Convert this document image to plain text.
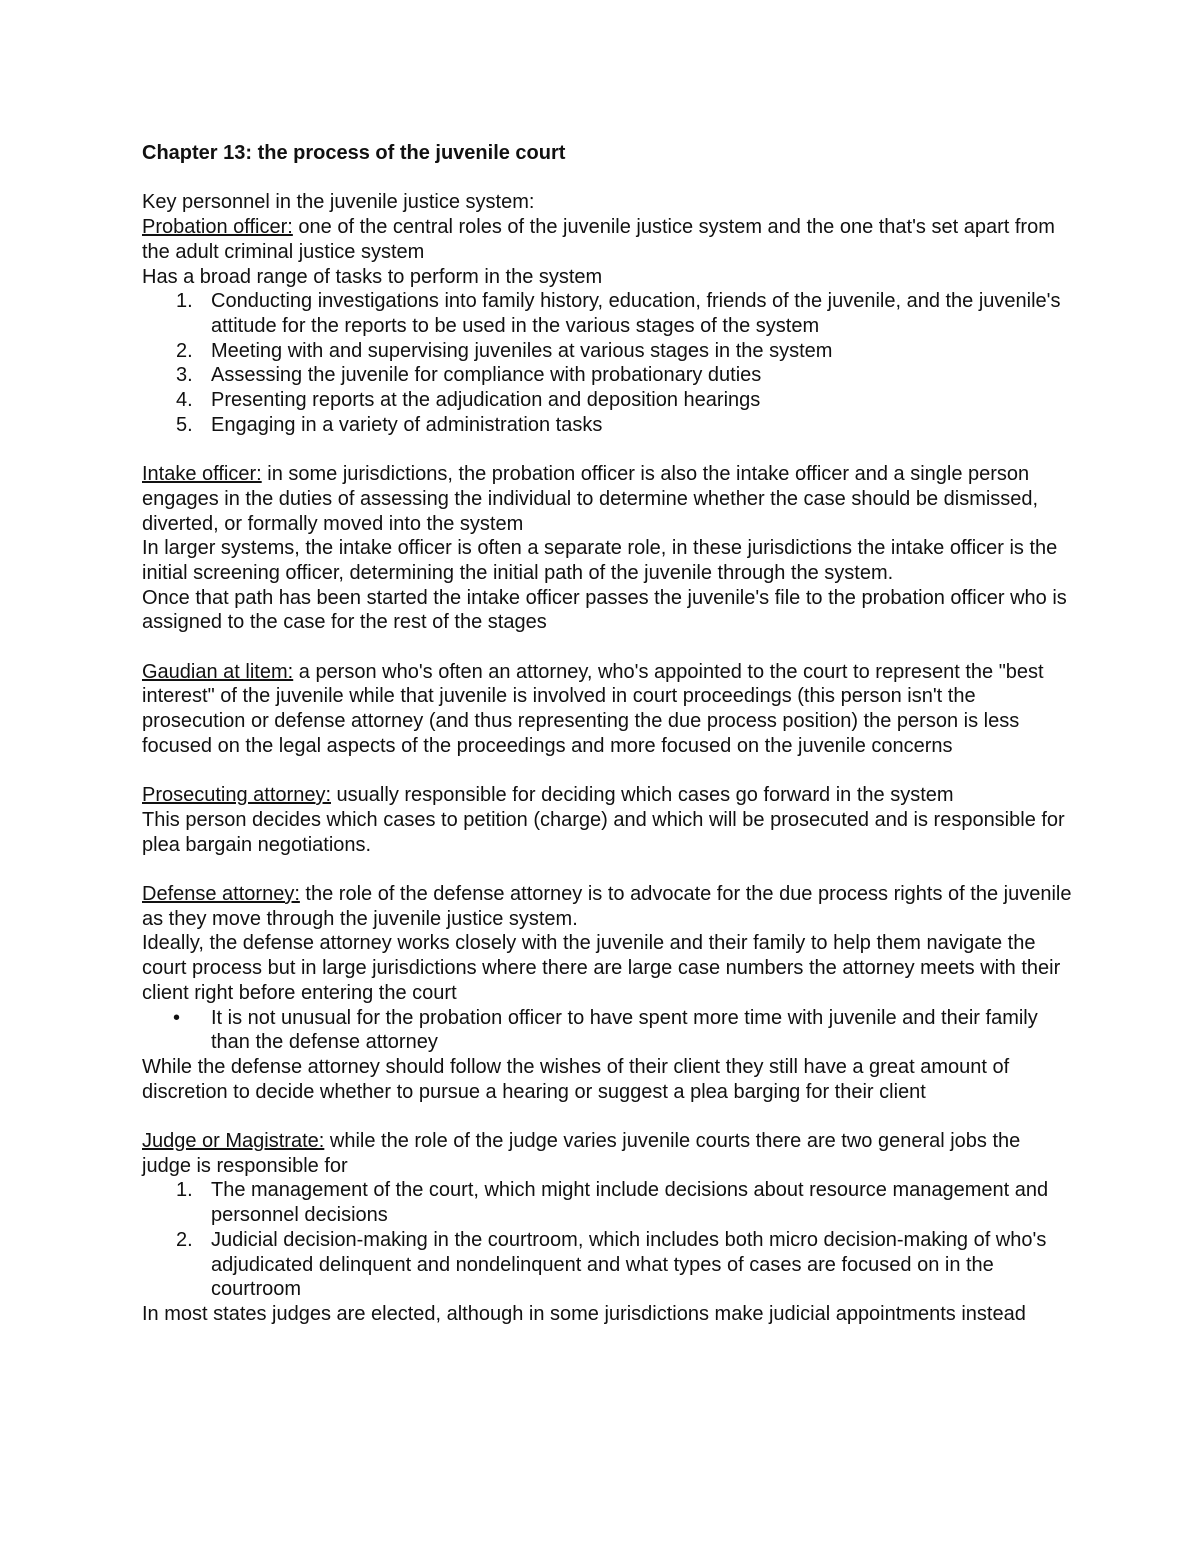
Chapter 13: the process of the juvenile court

Key personnel in the juvenile justice system:

Probation officer: one of the central roles of the juvenile justice system and the one that's set apart from the adult criminal justice system

Has a broad range of tasks to perform in the system

1. Conducting investigations into family history, education, friends of the juvenile, and the juvenile's attitude for the reports to be used in the various stages of the system
2. Meeting with and supervising juveniles at various stages in the system
3. Assessing the juvenile for compliance with probationary duties
4. Presenting reports at the adjudication and deposition hearings
5. Engaging in a variety of administration tasks

Intake officer: in some jurisdictions, the probation officer is also the intake officer and a single person engages in the duties of assessing the individual to determine whether the case should be dismissed, diverted, or formally moved into the system

In larger systems, the intake officer is often a separate role, in these jurisdictions the intake officer is the initial screening officer, determining the initial path of the juvenile through the system.

Once that path has been started the intake officer passes the juvenile's file to the probation officer who is assigned to the case for the rest of the stages

Gaudian at litem: a person who's often an attorney, who's appointed to the court to represent the "best interest" of the juvenile while that juvenile is involved in court proceedings (this person isn't the prosecution or defense attorney (and thus representing the due process position) the person is less focused on the legal aspects of the proceedings and more focused on the juvenile concerns

Prosecuting attorney: usually responsible for deciding which cases go forward in the system

This person decides which cases to petition (charge) and which will be prosecuted and is responsible for plea bargain negotiations.

Defense attorney: the role of the defense attorney is to advocate for the due process rights of the juvenile as they move through the juvenile justice system.

Ideally, the defense attorney works closely with the juvenile and their family to help them navigate the court process but in large jurisdictions where there are large case numbers the attorney meets with their client right before entering the court

• It is not unusual for the probation officer to have spent more time with juvenile and their family than the defense attorney

While the defense attorney should follow the wishes of their client they still have a great amount of discretion to decide whether to pursue a hearing or suggest a plea barging for their client

Judge or Magistrate: while the role of the judge varies juvenile courts there are two general jobs the judge is responsible for

1. The management of the court, which might include decisions about resource management and personnel decisions
2. Judicial decision-making in the courtroom, which includes both micro decision-making of who's adjudicated delinquent and nondelinquent and what types of cases are focused on in the courtroom

In most states judges are elected, although in some jurisdictions make judicial appointments instead
